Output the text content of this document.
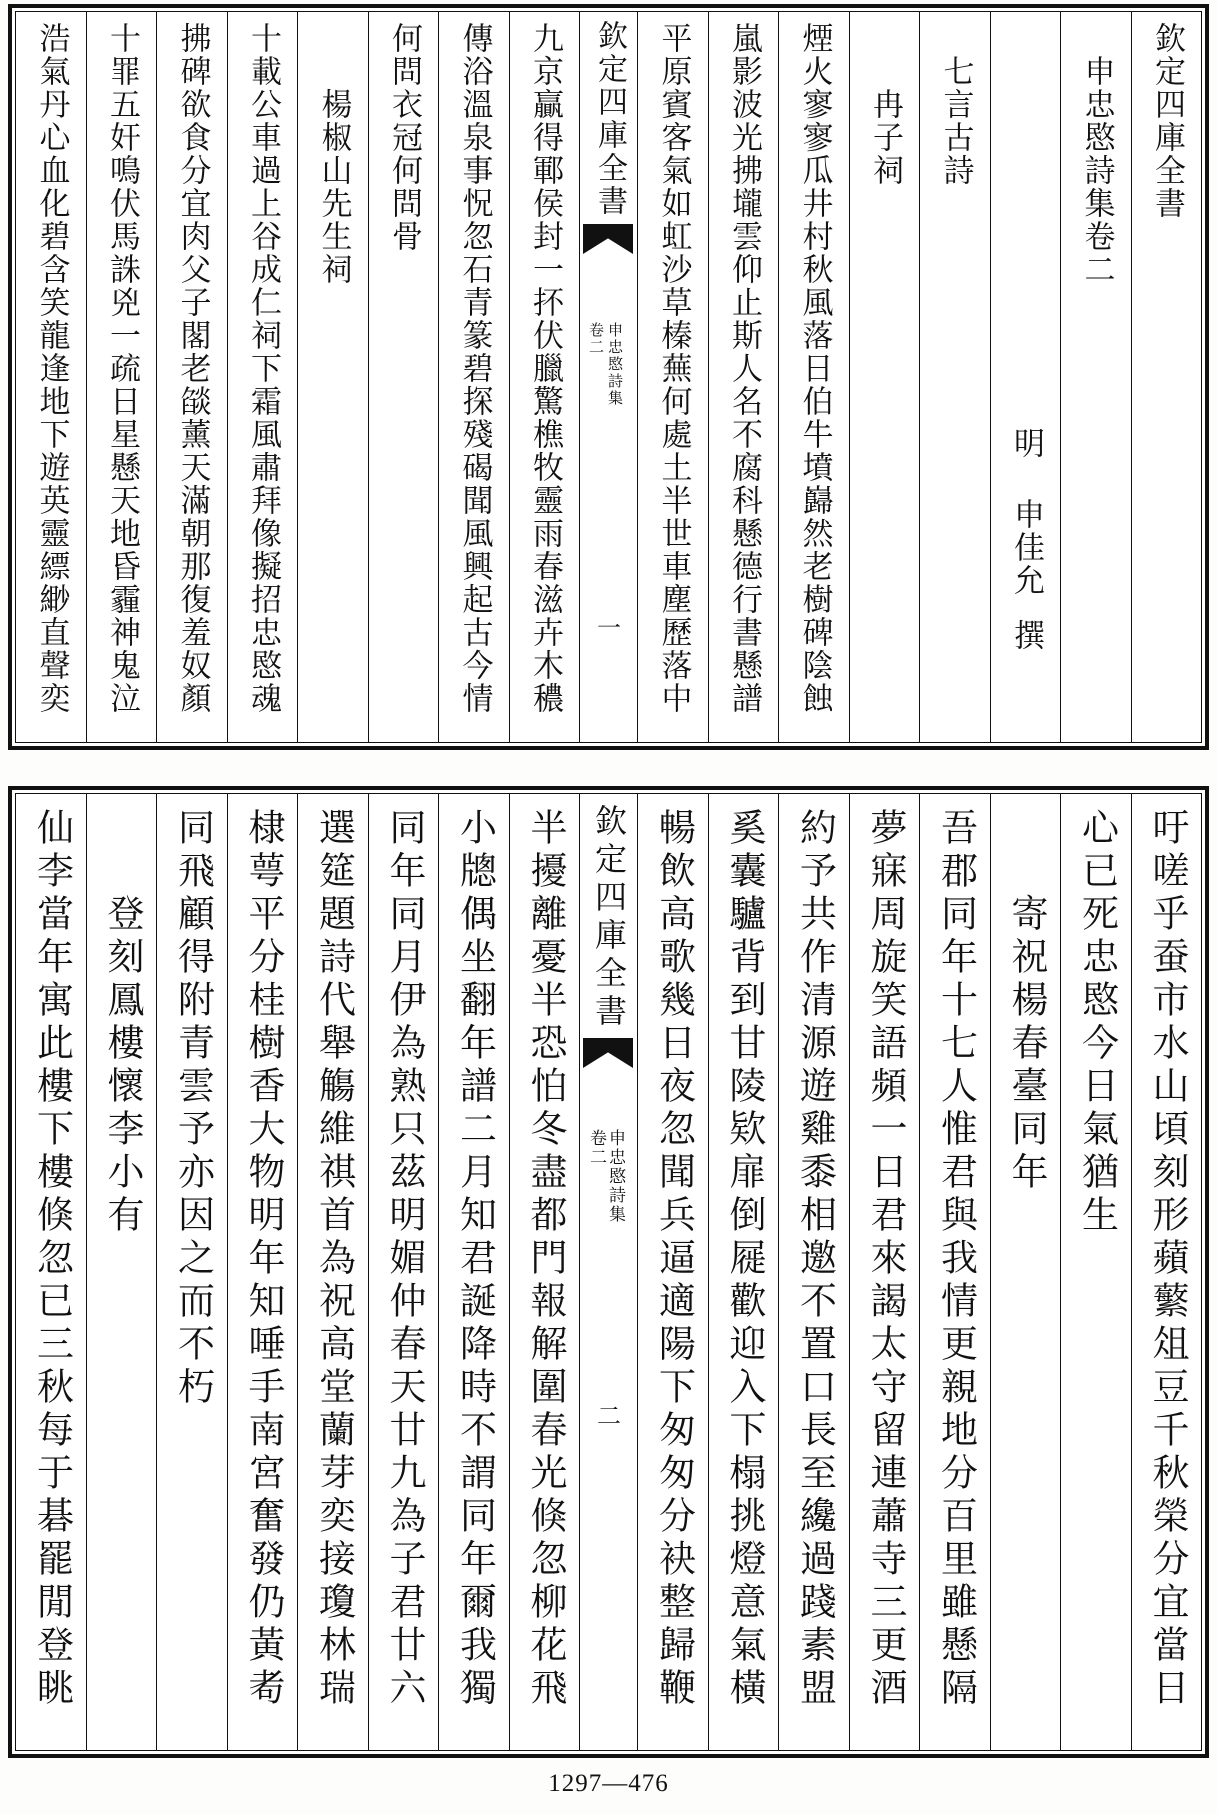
欽定四庫全書
申忠愍詩集卷二
明申佳允撰
七言古詩
冉子祠
煙火寥寥瓜井村秋風落日伯牛墳巋然老樹碑陰蝕
嵐影波光拂壠雲仰止斯人名不腐科懸德行書懸譜
平原賓客氣如虹沙草榛蕪何處土半世車塵歷落中
欽定四庫全書
申忠愍詩集
卷二
一
九京贏得鄆侯封一抔伏臘驚樵牧靈雨春滋卉木穠
傳浴溫泉事怳忽石青篆碧探殘碣聞風興起古今情
何問衣冠何問骨
楊椒山先生祠
十載公車過上谷成仁祠下霜風肅拜像擬招忠愍魂
拂碑欲食分宜肉父子閣老燄薰天滿朝那復羞奴顏
十罪五奸鳴伏馬誅兇一疏日星懸天地昏霾神鬼泣
浩氣丹心血化碧含笑龍逢地下遊英靈縹緲直聲奕
吁嗟乎蚕市水山頃刻形蘋蘩俎豆千秋榮分宜當日
心已死忠愍今日氣猶生
寄祝楊春臺同年
吾郡同年十七人惟君與我情更親地分百里雖懸隔
夢寐周旋笑語頻一日君來謁太守留連蕭寺三更酒
約予共作清源遊雞黍相邀不置口長至纔過踐素盟
奚囊驢背到甘陵欵扉倒屣歡迎入下榻挑燈意氣橫
暢飲高歌幾日夜忽聞兵逼適陽下匆匆分袂整歸鞭
欽定四庫全書
申忠愍詩集
卷二
二
半擾離憂半恐怕冬盡都門報解圍春光倏忽柳花飛
小牕偶坐翻年譜二月知君誕降時不謂同年爾我獨
同年同月伊為熟只茲明媚仲春天廿九為子君廿六
選筵題詩代舉觴維祺首為祝高堂蘭芽奕接瓊林瑞
棣萼平分桂樹香大物明年知唾手南宮奮發仍黃耇
同飛顧得附青雲予亦因之而不朽
登刻鳳樓懷李小有
仙李當年寓此樓下樓倏忽已三秋每于碁罷閒登眺
1297—476
